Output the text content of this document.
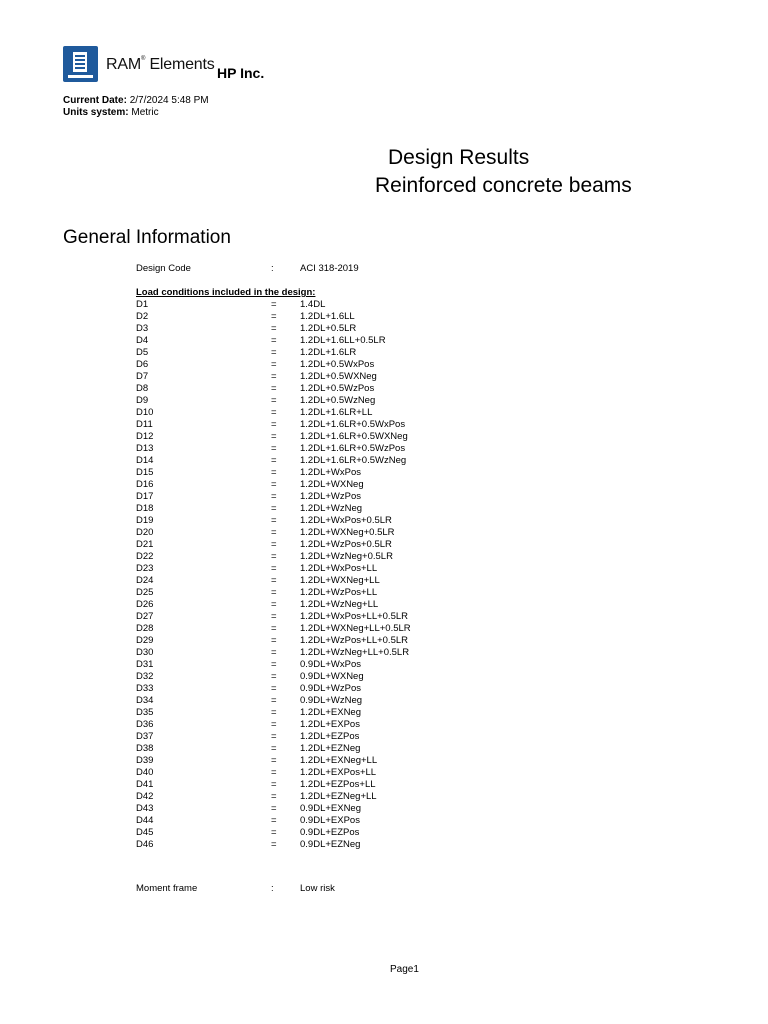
RAM® Elements HP Inc.
Current Date: 2/7/2024 5:48 PM
Units system: Metric
Design Results
Reinforced concrete beams
General Information
Design Code	:	ACI 318-2019
Load conditions included in the design:
D1	= 1.4DL
D2	= 1.2DL+1.6LL
D3	= 1.2DL+0.5LR
D4	= 1.2DL+1.6LL+0.5LR
D5	= 1.2DL+1.6LR
D6	= 1.2DL+0.5WxPos
D7	= 1.2DL+0.5WXNeg
D8	= 1.2DL+0.5WzPos
D9	= 1.2DL+0.5WzNeg
D10	= 1.2DL+1.6LR+LL
D11	= 1.2DL+1.6LR+0.5WxPos
D12	= 1.2DL+1.6LR+0.5WXNeg
D13	= 1.2DL+1.6LR+0.5WzPos
D14	= 1.2DL+1.6LR+0.5WzNeg
D15	= 1.2DL+WxPos
D16	= 1.2DL+WXNeg
D17	= 1.2DL+WzPos
D18	= 1.2DL+WzNeg
D19	= 1.2DL+WxPos+0.5LR
D20	= 1.2DL+WXNeg+0.5LR
D21	= 1.2DL+WzPos+0.5LR
D22	= 1.2DL+WzNeg+0.5LR
D23	= 1.2DL+WxPos+LL
D24	= 1.2DL+WXNeg+LL
D25	= 1.2DL+WzPos+LL
D26	= 1.2DL+WzNeg+LL
D27	= 1.2DL+WxPos+LL+0.5LR
D28	= 1.2DL+WXNeg+LL+0.5LR
D29	= 1.2DL+WzPos+LL+0.5LR
D30	= 1.2DL+WzNeg+LL+0.5LR
D31	= 0.9DL+WxPos
D32	= 0.9DL+WXNeg
D33	= 0.9DL+WzPos
D34	= 0.9DL+WzNeg
D35	= 1.2DL+EXNeg
D36	= 1.2DL+EXPos
D37	= 1.2DL+EZPos
D38	= 1.2DL+EZNeg
D39	= 1.2DL+EXNeg+LL
D40	= 1.2DL+EXPos+LL
D41	= 1.2DL+EZPos+LL
D42	= 1.2DL+EZNeg+LL
D43	= 0.9DL+EXNeg
D44	= 0.9DL+EXPos
D45	= 0.9DL+EZPos
D46	= 0.9DL+EZNeg
Moment frame	:	Low risk
Page1
